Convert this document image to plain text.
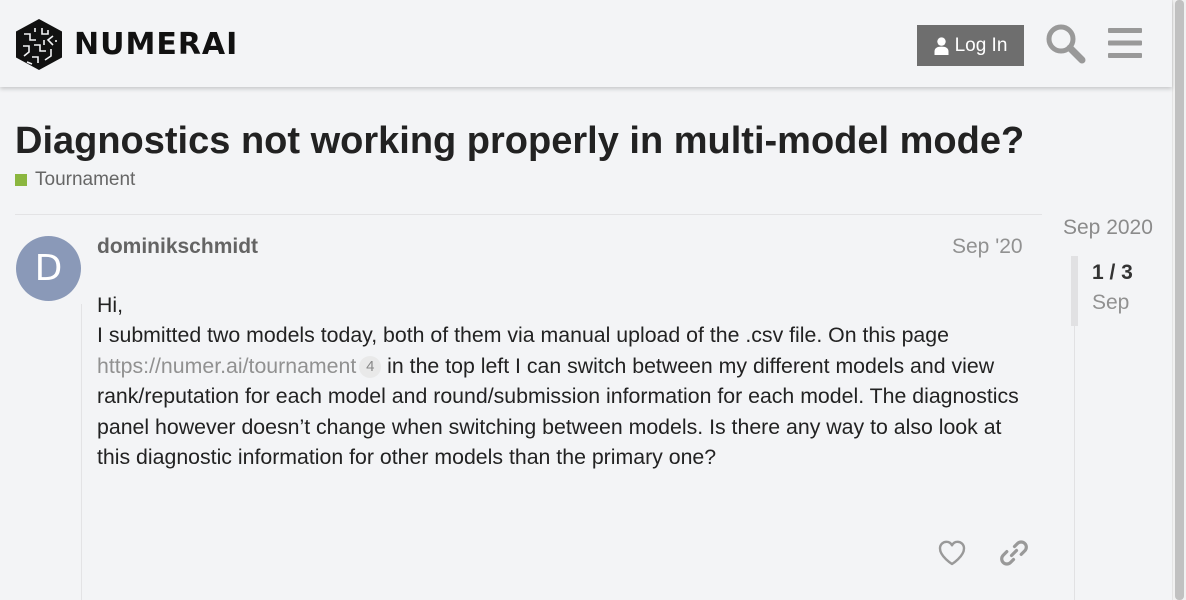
NUMERAI	Log In
Diagnostics not working properly in multi-model mode?
Tournament
D
dominikschmidt	Sep '20
Hi,
I submitted two models today, both of them via manual upload of the .csv file. On this page
https://numer.ai/tournament 4 in the top left I can switch between my different models and view rank/reputation for each model and round/submission information for each model. The diagnostics panel however doesn’t change when switching between models. Is there any way to also look at this diagnostic information for other models than the primary one?
Sep 2020
1 / 3
Sep
